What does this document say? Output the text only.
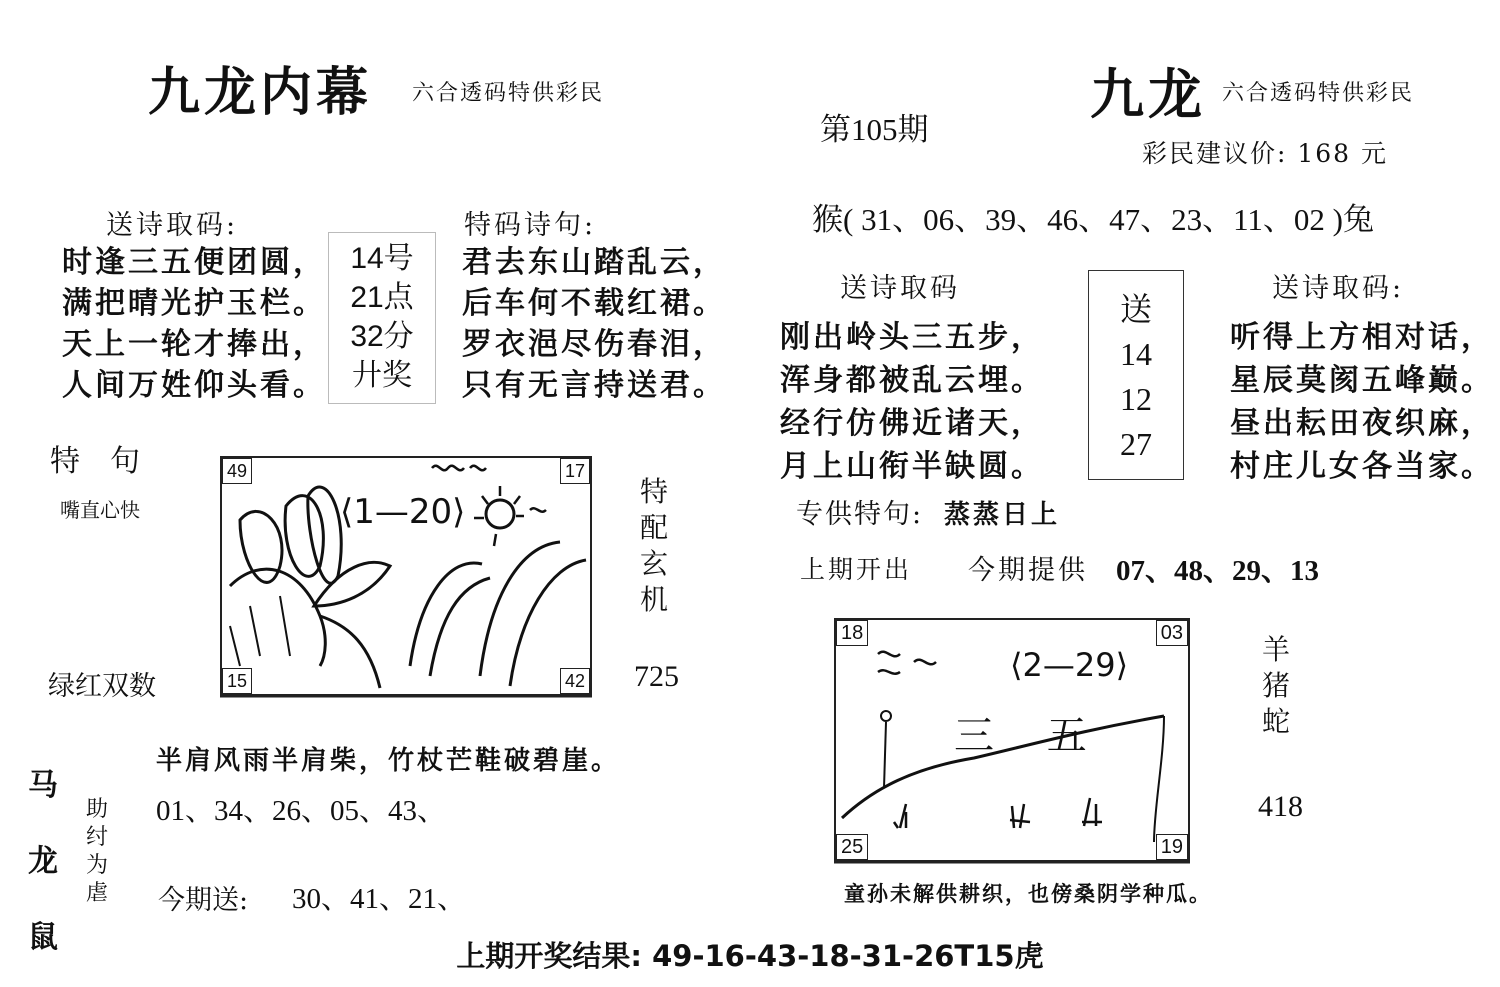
九龙内幕 六合透码特供彩民
送诗取码:
时逢三五便团圆，
满把晴光护玉栏。
天上一轮才捧出，
人间万姓仰头看。
14号
21点
32分
廾奖
特码诗句:
君去东山踏乱云，
后车何不载红裙。
罗衣浥尽伤春泪，
只有无言持送君。
特　句
嘴直心快
绿红双数
⟨1—20⟩
49	17
15	42
特
配
玄
机
725
马
龙
鼠
助
纣
为
虐
半肩风雨半肩柴，竹杖芒鞋破碧崖。
01、34、26、05、43、
今期送: 30、41、21、
九龙 六合透码特供彩民
第105期
彩民建议价: 168 元
猴( 31、06、39、46、47、23、11、02 )兔
送诗取码
刚出岭头三五步，
浑身都被乱云埋。
经行仿佛近诸天，
月上山衔半缺圆。
送
14
12
27
送诗取码:
听得上方相对话，
星辰莫阂五峰巅。
昼出耘田夜织麻，
村庄儿女各当家。
专供特句: 蒸蒸日上
上期开出 今期提供 07、48、29、13
⟨2—29⟩
三 五
18	03
25	19
羊
猪
蛇
418
童孙未解供耕织，也傍桑阴学种瓜。
上期开奖结果: 49-16-43-18-31-26T15虎
